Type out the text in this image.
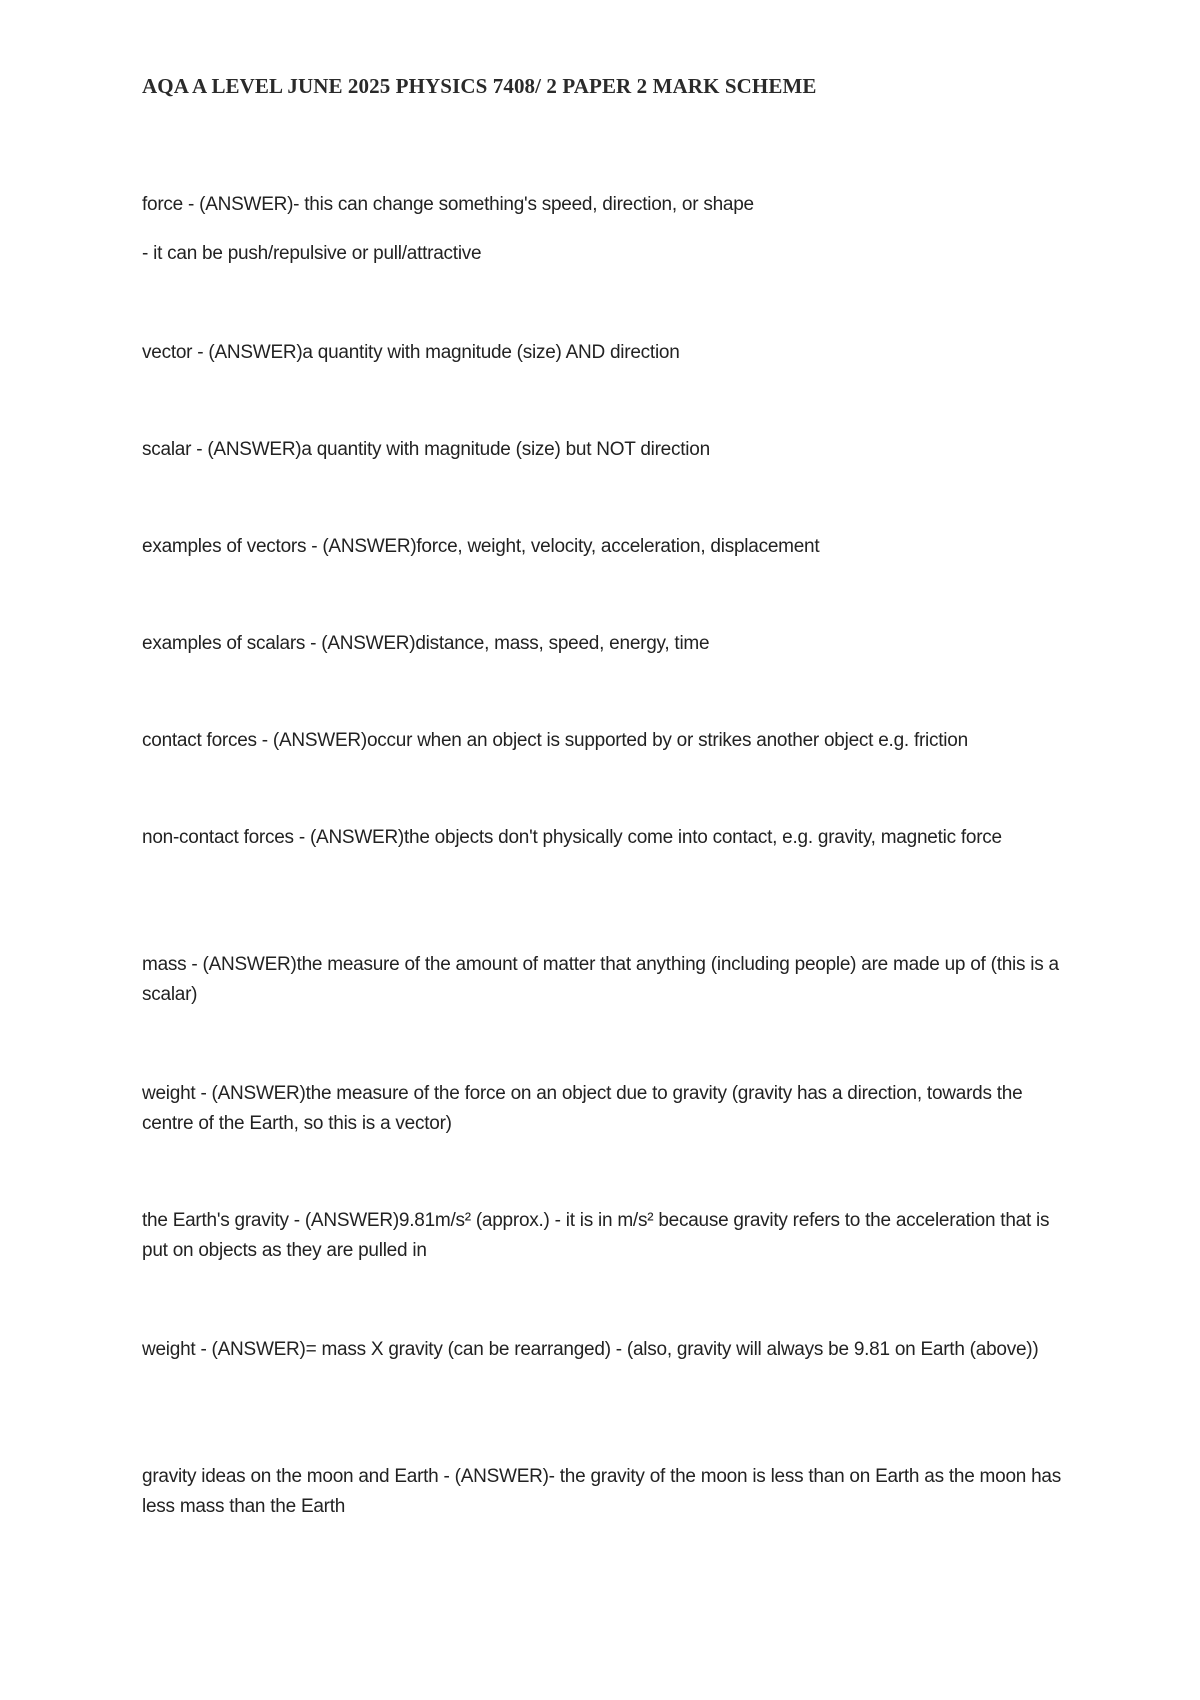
AQA A LEVEL JUNE 2025 PHYSICS 7408/ 2 PAPER 2 MARK SCHEME

force - (ANSWER)- this can change something's speed, direction, or shape

- it can be push/repulsive or pull/attractive

vector - (ANSWER)a quantity with magnitude (size) AND direction

scalar - (ANSWER)a quantity with magnitude (size) but NOT direction

examples of vectors - (ANSWER)force, weight, velocity, acceleration, displacement

examples of scalars - (ANSWER)distance, mass, speed, energy, time

contact forces - (ANSWER)occur when an object is supported by or strikes another object e.g. friction

non-contact forces - (ANSWER)the objects don't physically come into contact, e.g. gravity, magnetic force

mass - (ANSWER)the measure of the amount of matter that anything (including people) are made up of (this is a scalar)

weight - (ANSWER)the measure of the force on an object due to gravity (gravity has a direction, towards the centre of the Earth, so this is a vector)

the Earth's gravity - (ANSWER)9.81m/s² (approx.) - it is in m/s² because gravity refers to the acceleration that is put on objects as they are pulled in

weight - (ANSWER)= mass X gravity (can be rearranged) - (also, gravity will always be 9.81 on Earth (above))

gravity ideas on the moon and Earth - (ANSWER)- the gravity of the moon is less than on Earth as the moon has less mass than the Earth
